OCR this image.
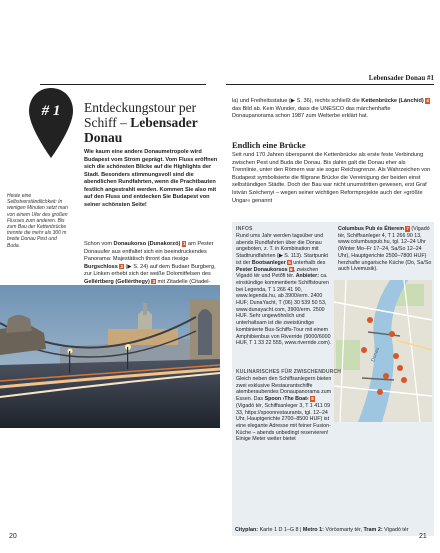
Lebensader Donau #1
# 1	Entdeckungstour per
Schiff – Lebensader
Donau
Wie kaum eine andere Donaumetropole wird Budapest vom Strom geprägt. Vom Fluss eröffnen sich die schönsten Blicke auf die Highlights der Stadt. Besonders stimmungsvoll sind die abendlichen Rundfahrten, wenn die Prachtbauten festlich angestrahlt werden. Kommen Sie also mit auf den Fluss und entdecken Sie Budapest von seiner schönsten Seite!
Schon vom Donaukorso (Dunakorzó) 1 am Pester Donauufer aus entfaltet sich ein beeindruckendes Panorama: Majestätisch thront das riesige Burgschloss 2 (▶ S. 24) auf dem Budaer Burgberg, zur Linken erhebt sich der weiße Dolomitfelsen des Gellértberg (Gellérthegy) 3 mit Zitadelle (Citadel-
Heute eine Selbstverständlichkeit: In wenigen Minuten setzt man von einem Ufer des großen Flusses zum anderen. Bis zum Bau der Kettenbrücke trennte die mehr als 300 m breite Donau Pest und Buda.
la) und Freiheitsstatue (▶ S. 36), rechts schließt die Kettenbrücke (Lánchíd) 4 das Bild ab. Kein Wunder, dass die UNESCO das märchenhafte Donaupanorama schon 1987 zum Welterbe erklärt hat.
Endlich eine Brücke
Seit rund 170 Jahren überspannt die Kettenbrücke als erste feste Verbindung zwischen Pest und Buda die Donau. Bis dahin galt die Donau eher als Trennlinie, unter den Römern war sie sogar Reichsgrenze. Als Wahrzeichen von Budapest symbolisierte die filigrane Brücke die Vereinigung der beiden einst selbständigen Städte. Doch der Bau war nicht unumstritten gewesen, erst Graf István Széchenyi – wegen seiner wichtigen Reformprojekte auch der »größte Ungar« genannt
INFOS
Rund ums Jahr werden tagsüber und abends Rundfahrten über die Donau angeboten, z. T. in Kombination mit Stadtrundfahrten (▶ S. 113). Startpunkt ist der Bootsanleger 5 unterhalb des Pester Donaukorsos 6, zwischen Vigadó tér und Petőfi tér. Anbieter: ca. einstündige kommentierte Schiffstouren bei Legenda, T 1 266 41 90, www.legenda.hu, ab 3900/erm. 2400 HUF; DunaYacht, T (06) 30 539 50 53, www.dunayacht.com, 3900/erm. 2500 HUF. Sehr ungewöhnlich und unterhaltsam ist die zweistündige kombinierte Bus-Schiffs-Tour mit einem Amphibienbus von Riverride (9000/6000 HUF, T 1 33 22 555, www.riverride.com).
Columbus Pub és Étterem 7 (Vigadó tér, Schiffsanleger 4, T 1 266 90 13, www.columbuspub.hu, tgl. 12–24 Uhr (Winter Mo–Fr 17–24, Sa/So 12–24 Uhr), Hauptgerichte 2500–7800 HUF) herzhafte ungarische Küche (Do, Sa/So auch Livemusik).
Donau
KULINARISCHES FÜR ZWISCHENDURCH
Gleich neben den Schiffsanlegern bieten zwei exklusive Restaurantschiffe atemberaubendes Donaupanorama zum Essen. Das Spoon ›The Boat‹ 8 (Vigadó tér, Schiffsanleger 3, T 1 411 09 33, https://spoonrestaurants, tgl. 12–24 Uhr, Hauptgerichte 2700–8500 HUF) ist eine elegante Adresse mit feiner Fusion-Küche – abends unbedingt reservieren! Einige Meter weiter bietet
Cityplan: Karte 1 D 1–G 8 | Metro 1: Vörösmarty tér, Tram 2: Vigadó tér
20	21
